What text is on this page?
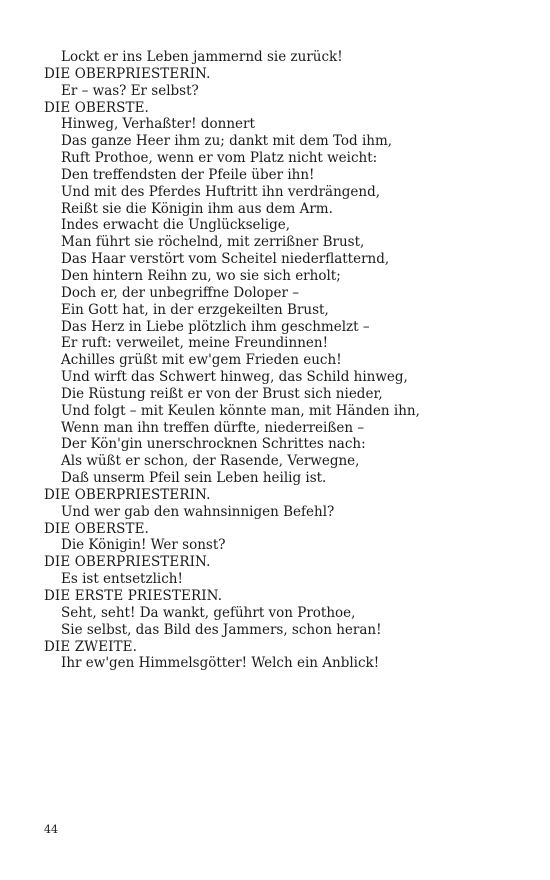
Lockt er ins Leben jammernd sie zurück!
DIE OBERPRIESTERIN.
Er – was? Er selbst?
DIE OBERSTE.
Hinweg, Verhaßter! donnert
Das ganze Heer ihm zu; dankt mit dem Tod ihm,
Ruft Prothoe, wenn er vom Platz nicht weicht:
Den treffendsten der Pfeile über ihn!
Und mit des Pferdes Huftritt ihn verdrängend,
Reißt sie die Königin ihm aus dem Arm.
Indes erwacht die Unglückselige,
Man führt sie röchelnd, mit zerrißner Brust,
Das Haar verstört vom Scheitel niederflatternd,
Den hintern Reihn zu, wo sie sich erholt;
Doch er, der unbegriffne Doloper –
Ein Gott hat, in der erzgekeilten Brust,
Das Herz in Liebe plötzlich ihm geschmelzt –
Er ruft: verweilet, meine Freundinnen!
Achilles grüßt mit ew'gem Frieden euch!
Und wirft das Schwert hinweg, das Schild hinweg,
Die Rüstung reißt er von der Brust sich nieder,
Und folgt – mit Keulen könnte man, mit Händen ihn,
Wenn man ihn treffen dürfte, niederreißen –
Der Kön'gin unerschrocknen Schrittes nach:
Als wüßt er schon, der Rasende, Verwegne,
Daß unserm Pfeil sein Leben heilig ist.
DIE OBERPRIESTERIN.
Und wer gab den wahnsinnigen Befehl?
DIE OBERSTE.
Die Königin! Wer sonst?
DIE OBERPRIESTERIN.
Es ist entsetzlich!
DIE ERSTE PRIESTERIN.
Seht, seht! Da wankt, geführt von Prothoe,
Sie selbst, das Bild des Jammers, schon heran!
DIE ZWEITE.
Ihr ew'gen Himmelsgötter! Welch ein Anblick!
44
